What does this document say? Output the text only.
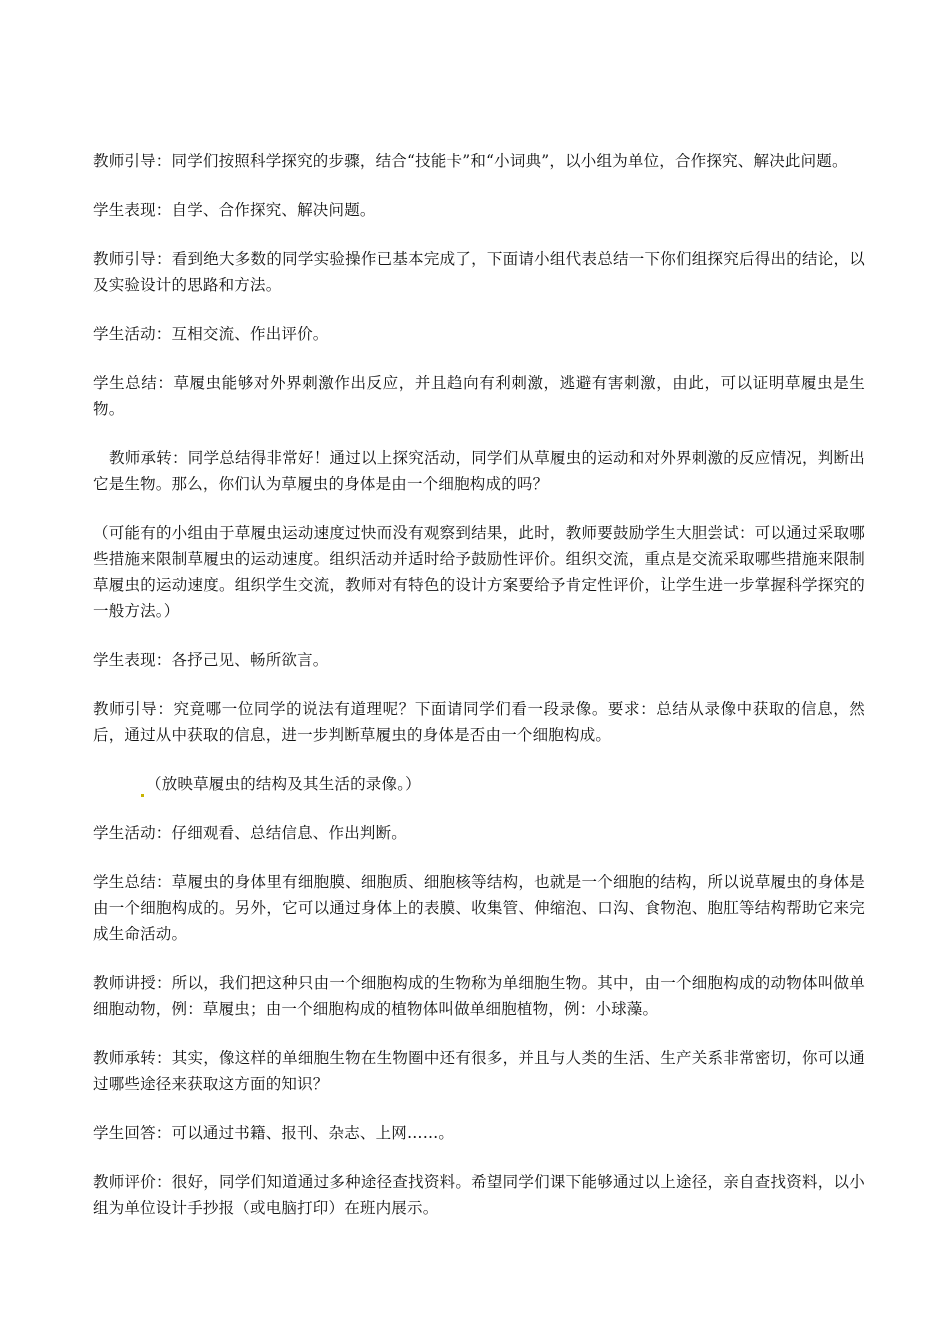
教师引导：同学们按照科学探究的步骤，结合“技能卡”和“小词典”，以小组为单位，合作探究、解决此问题。

学生表现：自学、合作探究、解决问题。

教师引导：看到绝大多数的同学实验操作已基本完成了，下面请小组代表总结一下你们组探究后得出的结论，以及实验设计的思路和方法。

学生活动：互相交流、作出评价。

学生总结：草履虫能够对外界刺激作出反应，并且趋向有利刺激，逃避有害刺激，由此，可以证明草履虫是生物。

教师承转：同学总结得非常好！通过以上探究活动，同学们从草履虫的运动和对外界刺激的反应情况，判断出它是生物。那么，你们认为草履虫的身体是由一个细胞构成的吗？

（可能有的小组由于草履虫运动速度过快而没有观察到结果，此时，教师要鼓励学生大胆尝试：可以通过采取哪些措施来限制草履虫的运动速度。组织活动并适时给予鼓励性评价。组织交流，重点是交流采取哪些措施来限制草履虫的运动速度。组织学生交流，教师对有特色的设计方案要给予肯定性评价，让学生进一步掌握科学探究的一般方法。）

学生表现：各抒己见、畅所欲言。

教师引导：究竟哪一位同学的说法有道理呢？下面请同学们看一段录像。要求：总结从录像中获取的信息，然后，通过从中获取的信息，进一步判断草履虫的身体是否由一个细胞构成。

（放映草履虫的结构及其生活的录像。）

学生活动：仔细观看、总结信息、作出判断。

学生总结：草履虫的身体里有细胞膜、细胞质、细胞核等结构，也就是一个细胞的结构，所以说草履虫的身体是由一个细胞构成的。另外，它可以通过身体上的表膜、收集管、伸缩泡、口沟、食物泡、胞肛等结构帮助它来完成生命活动。

教师讲授：所以，我们把这种只由一个细胞构成的生物称为单细胞生物。其中，由一个细胞构成的动物体叫做单细胞动物，例：草履虫；由一个细胞构成的植物体叫做单细胞植物，例：小球藻。

教师承转：其实，像这样的单细胞生物在生物圈中还有很多，并且与人类的生活、生产关系非常密切，你可以通过哪些途径来获取这方面的知识？

学生回答：可以通过书籍、报刊、杂志、上网……。

教师评价：很好，同学们知道通过多种途径查找资料。希望同学们课下能够通过以上途径，亲自查找资料，以小组为单位设计手抄报（或电脑打印）在班内展示。
